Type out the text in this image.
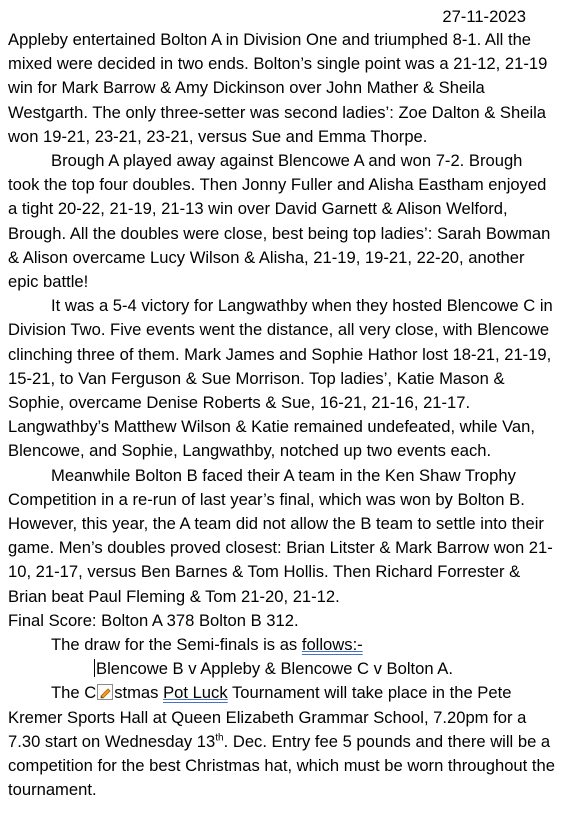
27-11-2023

Appleby entertained Bolton A in Division One and triumphed 8-1. All the mixed were decided in two ends. Bolton’s single point was a 21-12, 21-19 win for Mark Barrow & Amy Dickinson over John Mather & Sheila Westgarth. The only three-setter was second ladies’: Zoe Dalton & Sheila won 19-21, 23-21, 23-21, versus Sue and Emma Thorpe.

Brough A played away against Blencowe A and won 7-2. Brough took the top four doubles. Then Jonny Fuller and Alisha Eastham enjoyed a tight 20-22, 21-19, 21-13 win over David Garnett & Alison Welford, Brough. All the doubles were close, best being top ladies’: Sarah Bowman & Alison overcame Lucy Wilson & Alisha, 21-19, 19-21, 22-20, another epic battle!

It was a 5-4 victory for Langwathby when they hosted Blencowe C in Division Two. Five events went the distance, all very close, with Blencowe clinching three of them. Mark James and Sophie Hathor lost 18-21, 21-19, 15-21, to Van Ferguson & Sue Morrison. Top ladies’, Katie Mason & Sophie, overcame Denise Roberts & Sue, 16-21, 21-16, 21-17. Langwathby’s Matthew Wilson & Katie remained undefeated, while Van, Blencowe, and Sophie, Langwathby, notched up two events each.

Meanwhile Bolton B faced their A team in the Ken Shaw Trophy Competition in a re-run of last year’s final, which was won by Bolton B. However, this year, the A team did not allow the B team to settle into their game. Men’s doubles proved closest: Brian Litster & Mark Barrow won 21-10, 21-17, versus Ben Barnes & Tom Hollis. Then Richard Forrester & Brian beat Paul Fleming & Tom 21-20, 21-12.

Final Score: Bolton A 378 Bolton B 312.

The draw for the Semi-finals is as follows:-

Blencowe B v Appleby & Blencowe C v Bolton A.

The C stmas Pot Luck Tournament will take place in the Pete Kremer Sports Hall at Queen Elizabeth Grammar School, 7.20pm for a 7.30 start on Wednesday 13th. Dec. Entry fee 5 pounds and there will be a competition for the best Christmas hat, which must be worn throughout the tournament.
